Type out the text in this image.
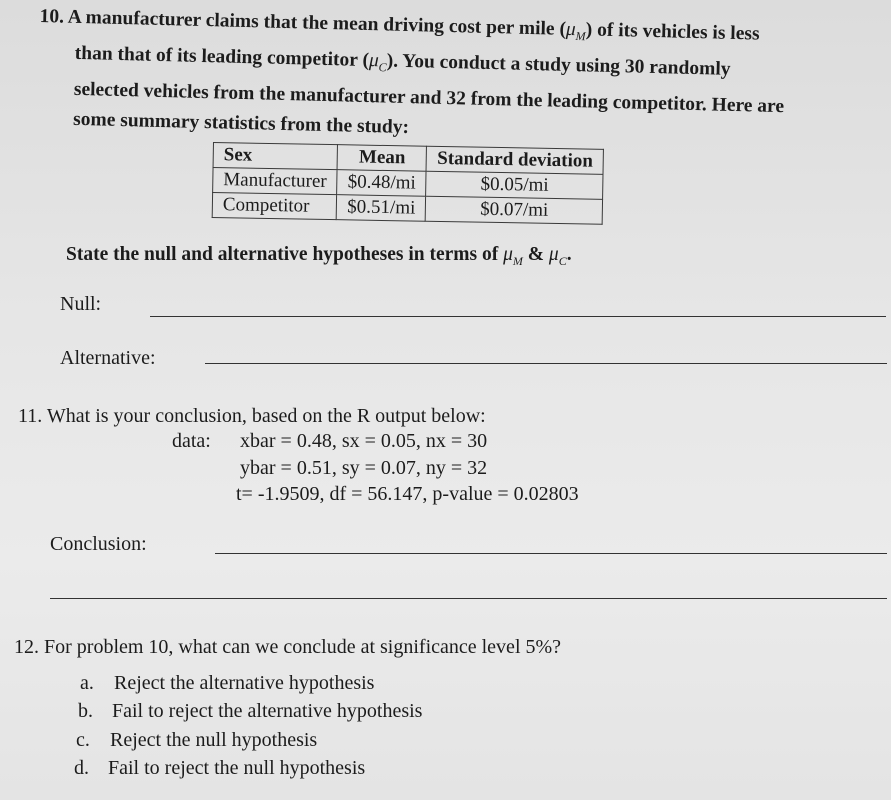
10. A manufacturer claims that the mean driving cost per mile $(\mu_M)$ of its vehicles is less

than that of its leading competitor $(\mu_C)$. You conduct a study using 30 randomly

selected vehicles from the manufacturer and 32 from the leading competitor. Here are

some summary statistics from the study:

Sex	Mean	Standard deviation
Manufacturer	$0.48/mi	$0.05/mi
Competitor	$0.51/mi	$0.07/mi
State the null and alternative hypotheses in terms of $\mu_M$ & $\mu_C$.
Null:
Alternative:
11. What is your conclusion, based on the R output below:
data: xbar = 0.48, sx = 0.05, nx = 30
ybar = 0.51, sy = 0.07, ny = 32
t= -1.9509, df = 56.147, p-value = 0.02803
Conclusion:
12. For problem 10, what can we conclude at significance level 5%?
a. Reject the alternative hypothesis
b. Fail to reject the alternative hypothesis
c. Reject the null hypothesis
d. Fail to reject the null hypothesis
